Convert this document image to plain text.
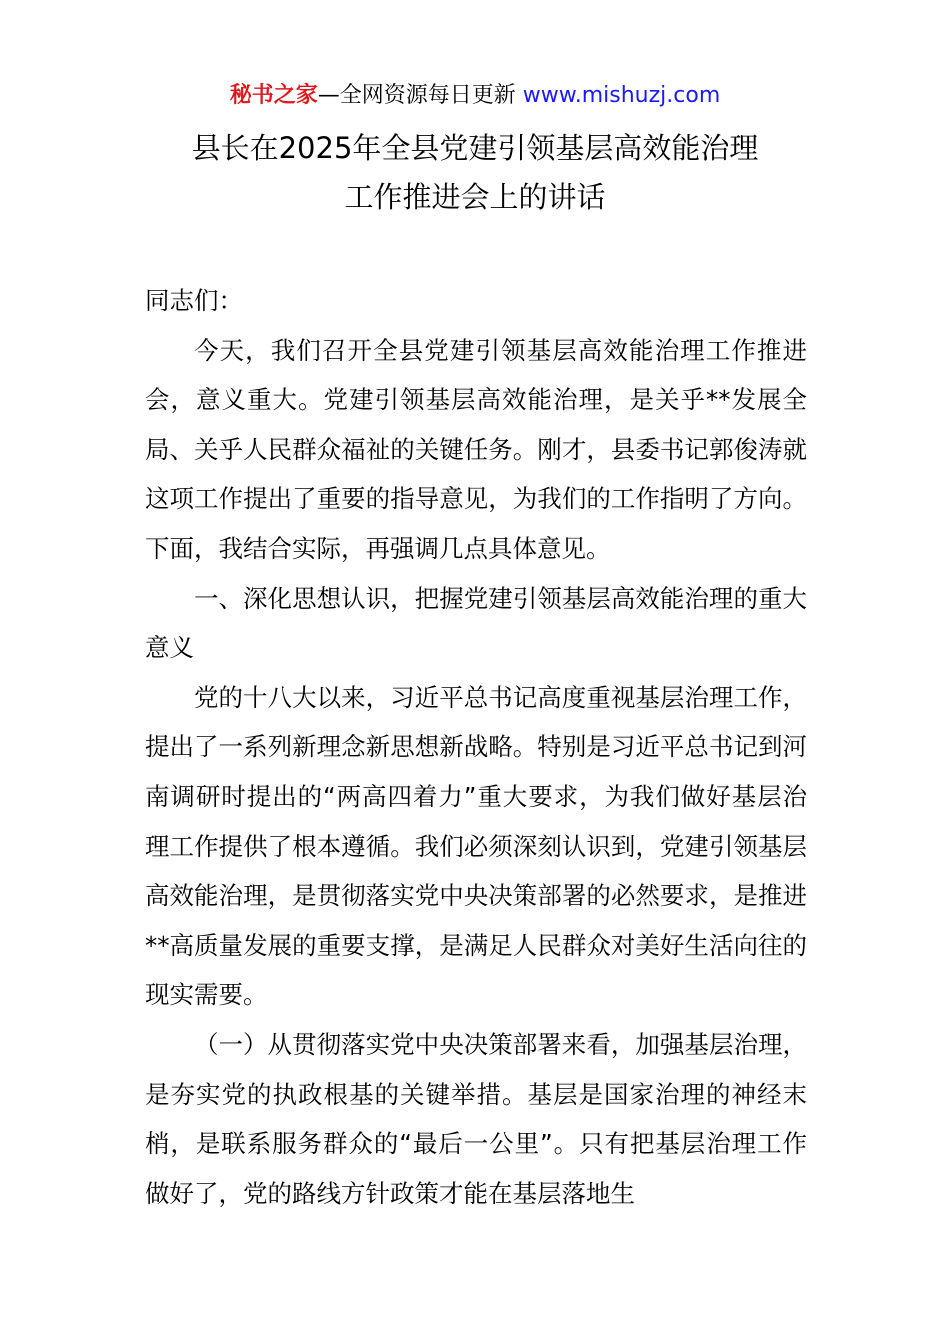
秘书之家—全网资源每日更新 www.mishuzj.com
县长在2025年全县党建引领基层高效能治理
工作推进会上的讲话

同志们：

今天，我们召开全县党建引领基层高效能治理工作推进会，意义重大。党建引领基层高效能治理，是关乎**发展全局、关乎人民群众福祉的关键任务。刚才，县委书记郭俊涛就这项工作提出了重要的指导意见，为我们的工作指明了方向。下面，我结合实际，再强调几点具体意见。

一、深化思想认识，把握党建引领基层高效能治理的重大意义

党的十八大以来，习近平总书记高度重视基层治理工作，提出了一系列新理念新思想新战略。特别是习近平总书记到河南调研时提出的“两高四着力”重大要求，为我们做好基层治理工作提供了根本遵循。我们必须深刻认识到，党建引领基层高效能治理，是贯彻落实党中央决策部署的必然要求，是推进**高质量发展的重要支撑，是满足人民群众对美好生活向往的现实需要。

（一）从贯彻落实党中央决策部署来看，加强基层治理，是夯实党的执政根基的关键举措。基层是国家治理的神经末梢，是联系服务群众的“最后一公里”。只有把基层治理工作做好了，党的路线方针政策才能在基层落地生
